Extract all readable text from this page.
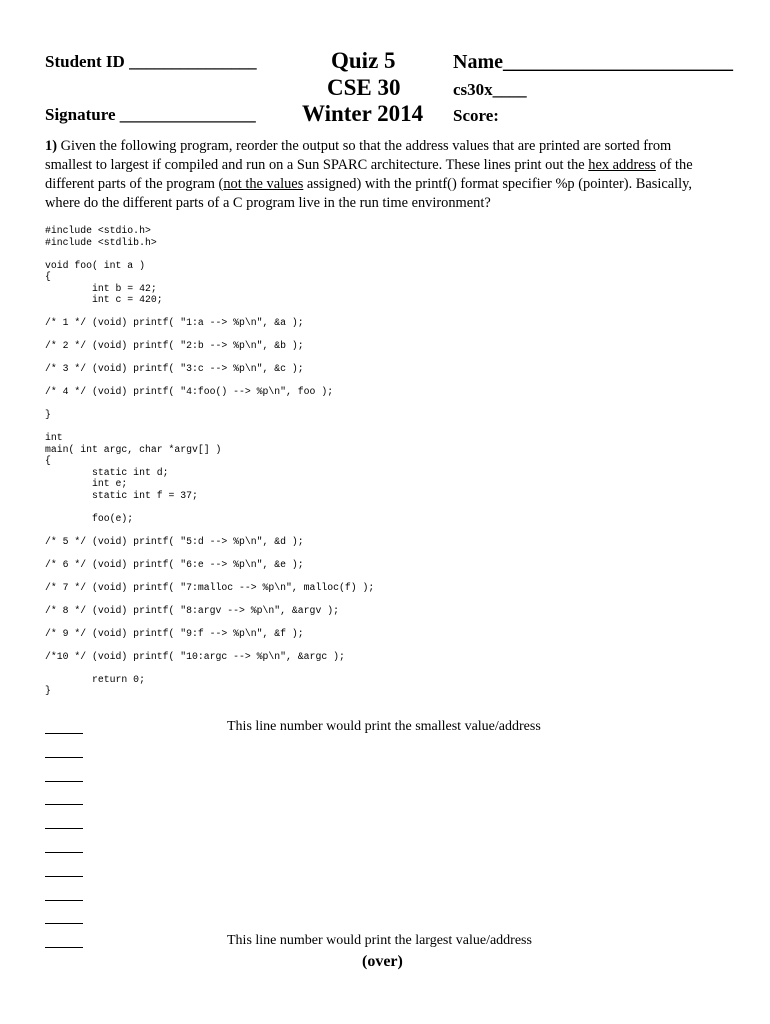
Student ID _______________
Signature ________________
Quiz 5
CSE 30
Winter 2014
Name_______________________
cs30x____
Score:
1) Given the following program, reorder the output so that the address values that are printed are sorted from smallest to largest if compiled and run on a Sun SPARC architecture. These lines print out the hex address of the different parts of the program (not the values assigned) with the printf() format specifier %p (pointer). Basically, where do the different parts of a C program live in the run time environment?
#include <stdio.h>
#include <stdlib.h>
void foo( int a )
{
int b = 42;
int c = 420;
/* 1 */ (void) printf( "1:a --> %p\n", &a );
/* 2 */ (void) printf( "2:b --> %p\n", &b );
/* 3 */ (void) printf( "3:c --> %p\n", &c );
/* 4 */ (void) printf( "4:foo() --> %p\n", foo );
}
int
main( int argc, char *argv[] )
{
static int d;
int e;
static int f = 37;
foo(e);
/* 5 */ (void) printf( "5:d --> %p\n", &d );
/* 6 */ (void) printf( "6:e --> %p\n", &e );
/* 7 */ (void) printf( "7:malloc --> %p\n", malloc(f) );
/* 8 */ (void) printf( "8:argv --> %p\n", &argv );
/* 9 */ (void) printf( "9:f --> %p\n", &f );
/*10 */ (void) printf( "10:argc --> %p\n", &argc );
return 0;
}
This line number would print the smallest value/address
This line number would print the largest value/address
(over)
